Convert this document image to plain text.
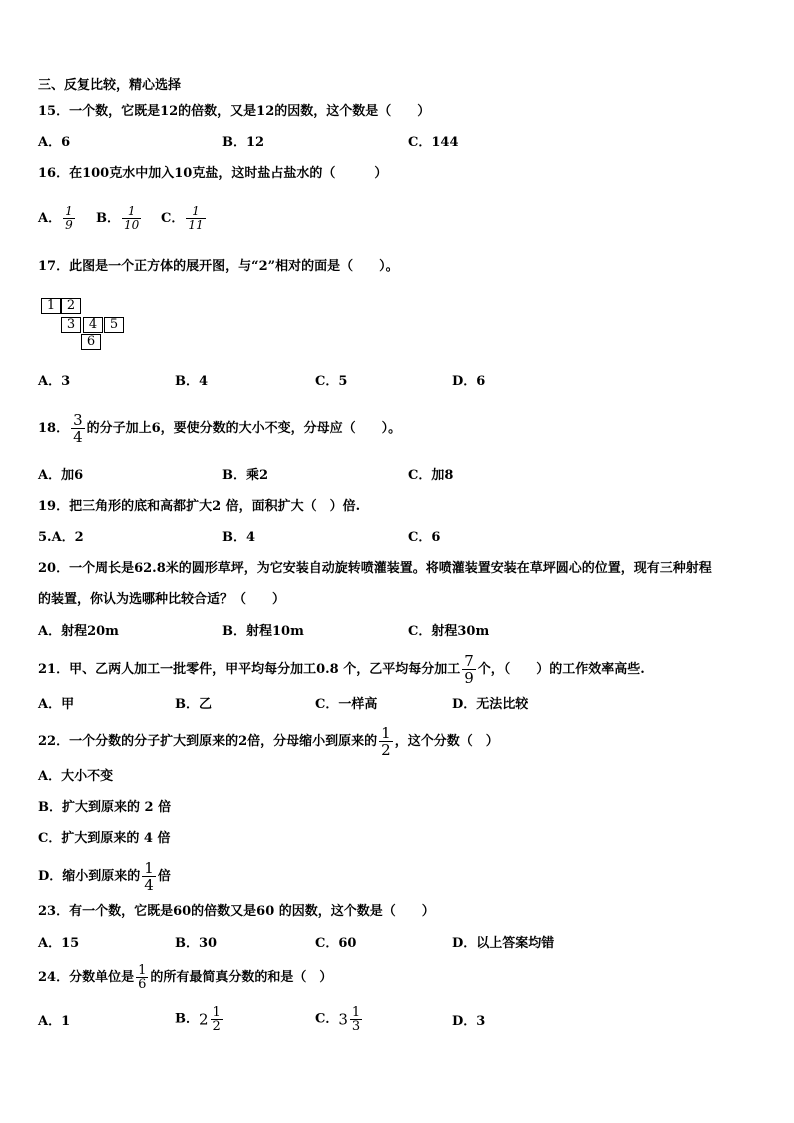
三、反复比较，精心选择
15．一个数，它既是12的倍数，又是12的因数，这个数是（　　）
A．6	B．12	C．144
16．在100克水中加入10克盐，这时盐占盐水的（　　　）
A． $\frac{1}{9}$ B． $\frac{1}{10}$ C． $\frac{1}{11}$
17．此图是一个正方体的展开图，与“2”相对的面是（　　）。
1 2
3	4 5
6
A．3	B．4	C．5	D．6
18． $\frac{3}{4}$ 的分子加上6，要使分数的大小不变，分母应（　　）。
A．加6	B．乘2	C．加8
19．把三角形的底和高都扩大2 倍，面积扩大（　）倍.
5.A．2	B．4	C．6
20．一个周长是62.8米的圆形草坪，为它安装自动旋转喷灌装置。将喷灌装置安装在草坪圆心的位置，现有三种射程
的装置，你认为选哪种比较合适？（　　）
A．射程20m	B．射程10m	C．射程30m
21．甲、乙两人加工一批零件，甲平均每分加工0.8 个，乙平均每分加工 $\frac{7}{9}$ 个，（　　）的工作效率高些.
A．甲	B．乙	C．一样高	D．无法比较
22．一个分数的分子扩大到原来的2倍，分母缩小到原来的 $\frac{1}{2}$ ，这个分数（　）
A．大小不变
B．扩大到原来的 2 倍
C．扩大到原来的 4 倍
D．缩小到原来的 $\frac{1}{4}$ 倍
23．有一个数，它既是60的倍数又是60 的因数，这个数是（　　）
A．15	B．30	C．60	D．以上答案均错
24．分数单位是 $\frac{1}{6}$ 的所有最简真分数的和是（　）
A．1	B．$2 \frac{1}{2}$	C．$3 \frac{1}{3}$	D．3
